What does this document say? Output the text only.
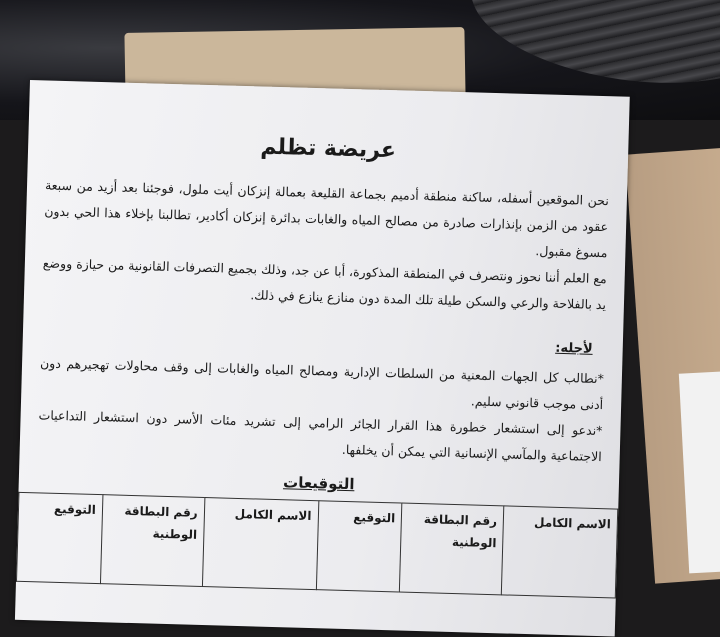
عريضة تظلم
نحن الموقعين أسفله، ساكنة منطقة أدميم بجماعة القليعة بعمالة إنزكان أيت ملول، فوجئنا بعد أزيد من سبعة عقود من الزمن بإنذارات صادرة من مصالح المياه والغابات بدائرة إنزكان أكادير، تطالبنا بإخلاء هذا الحي بدون مسوغ مقبول.
مع العلم أننا نحوز ونتصرف في المنطقة المذكورة، أبا عن جد، وذلك بجميع التصرفات القانونية من حيازة ووضع يد بالفلاحة والرعي والسكن طيلة تلك المدة دون منازع ينازع في ذلك.
لأجله:
*نطالب كل الجهات المعنية من السلطات الإدارية ومصالح المياه والغابات إلى وقف محاولات تهجيرهم دون أدنى موجب قانوني سليم.
*ندعو إلى استشعار خطورة هذا القرار الجائر الرامي إلى تشريد مئات الأسر دون استشعار التداعيات الاجتماعية والمآسي الإنسانية التي يمكن أن يخلفها.
التوقيعات
الاسم الكامل	رقم البطاقة الوطنية	التوقيع	الاسم الكامل	رقم البطاقة الوطنية	التوقيع
